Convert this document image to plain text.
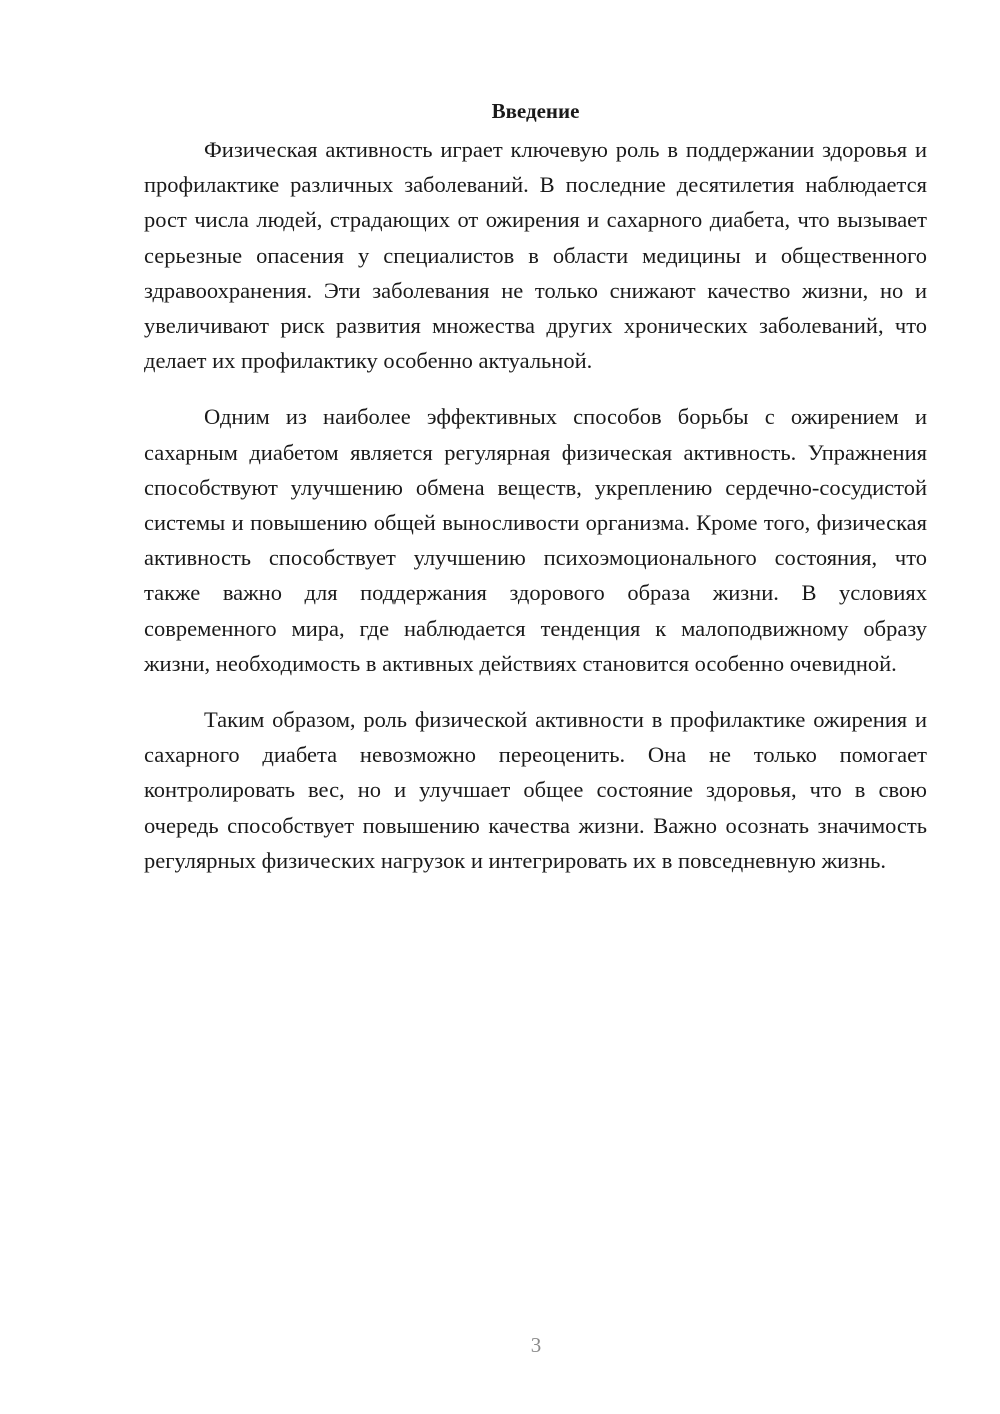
Введение

Физическая активность играет ключевую роль в поддержании здоровья и профилактике различных заболеваний. В последние десятилетия наблюдается рост числа людей, страдающих от ожирения и сахарного диабета, что вызывает серьезные опасения у специалистов в области медицины и общественного здравоохранения. Эти заболевания не только снижают качество жизни, но и увеличивают риск развития множества других хронических заболеваний, что делает их профилактику особенно актуальной.

Одним из наиболее эффективных способов борьбы с ожирением и сахарным диабетом является регулярная физическая активность. Упражнения способствуют улучшению обмена веществ, укреплению сердечно-сосудистой системы и повышению общей выносливости организма. Кроме того, физическая активность способствует улучшению психоэмоционального состояния, что также важно для поддержания здорового образа жизни. В условиях современного мира, где наблюдается тенденция к малоподвижному образу жизни, необходимость в активных действиях становится особенно очевидной.

Таким образом, роль физической активности в профилактике ожирения и сахарного диабета невозможно переоценить. Она не только помогает контролировать вес, но и улучшает общее состояние здоровья, что в свою очередь способствует повышению качества жизни. Важно осознать значимость регулярных физических нагрузок и интегрировать их в повседневную жизнь.

3
